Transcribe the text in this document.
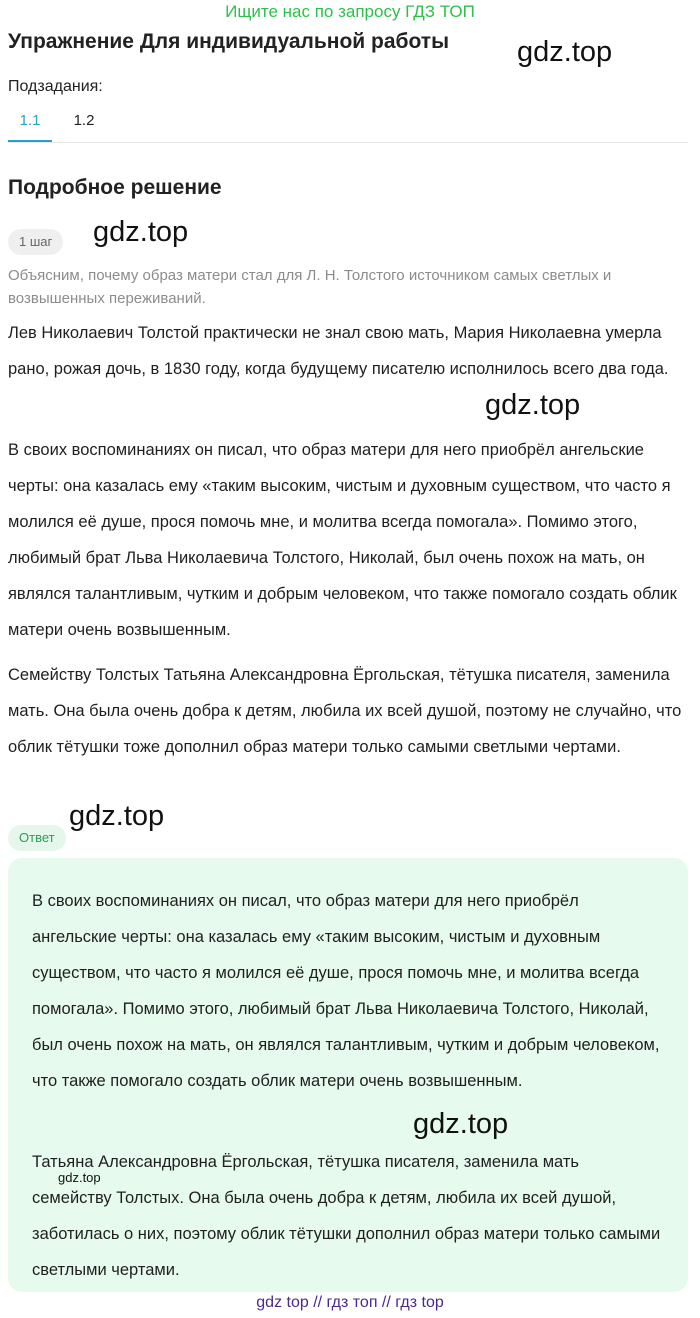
Ищите нас по запросу ГДЗ ТОП
Упражнение Для индивидуальной работы gdz.top
Подзадания:
1.1	1.2
Подробное решение
1 шаг	gdz.top
Объясним, почему образ матери стал для Л. Н. Толстого источником самых светлых и возвышенных переживаний.

Лев Николаевич Толстой практически не знал свою мать, Мария Николаевна умерла рано, рожая дочь, в 1830 году, когда будущему писателю исполнилось всего два года.

gdz.top

В своих воспоминаниях он писал, что образ матери для него приобрёл ангельские черты: она казалась ему «таким высоким, чистым и духовным существом, что часто я молился её душе, прося помочь мне, и молитва всегда помогала». Помимо этого, любимый брат Льва Николаевича Толстого, Николай, был очень похож на мать, он являлся талантливым, чутким и добрым человеком, что также помогало создать облик матери очень возвышенным.

Семейству Толстых Татьяна Александровна Ёргольская, тётушка писателя, заменила мать. Она была очень добра к детям, любила их всей душой, поэтому не случайно, что облик тётушки тоже дополнил образ матери только самыми светлыми чертами.

Ответ
gdz.top

В своих воспоминаниях он писал, что образ матери для него приобрёл ангельские черты: она казалась ему «таким высоким, чистым и духовным существом, что часто я молился её душе, прося помочь мне, и молитва всегда помогала». Помимо этого, любимый брат Льва Николаевича Толстого, Николай, был очень похож на мать, он являлся талантливым, чутким и добрым человеком, что также помогало создать облик матери очень возвышенным.

Татьяна Александровна Ёргольская, тётушка писателя, заменила мать семейству Толстых. Она была очень добра к детям, любила их всей душой, заботилась о них, поэтому облик тётушки дополнил образ матери только самыми светлыми чертами.

gdz.top
gdz.top
gdz top // гдз топ // гдз top
